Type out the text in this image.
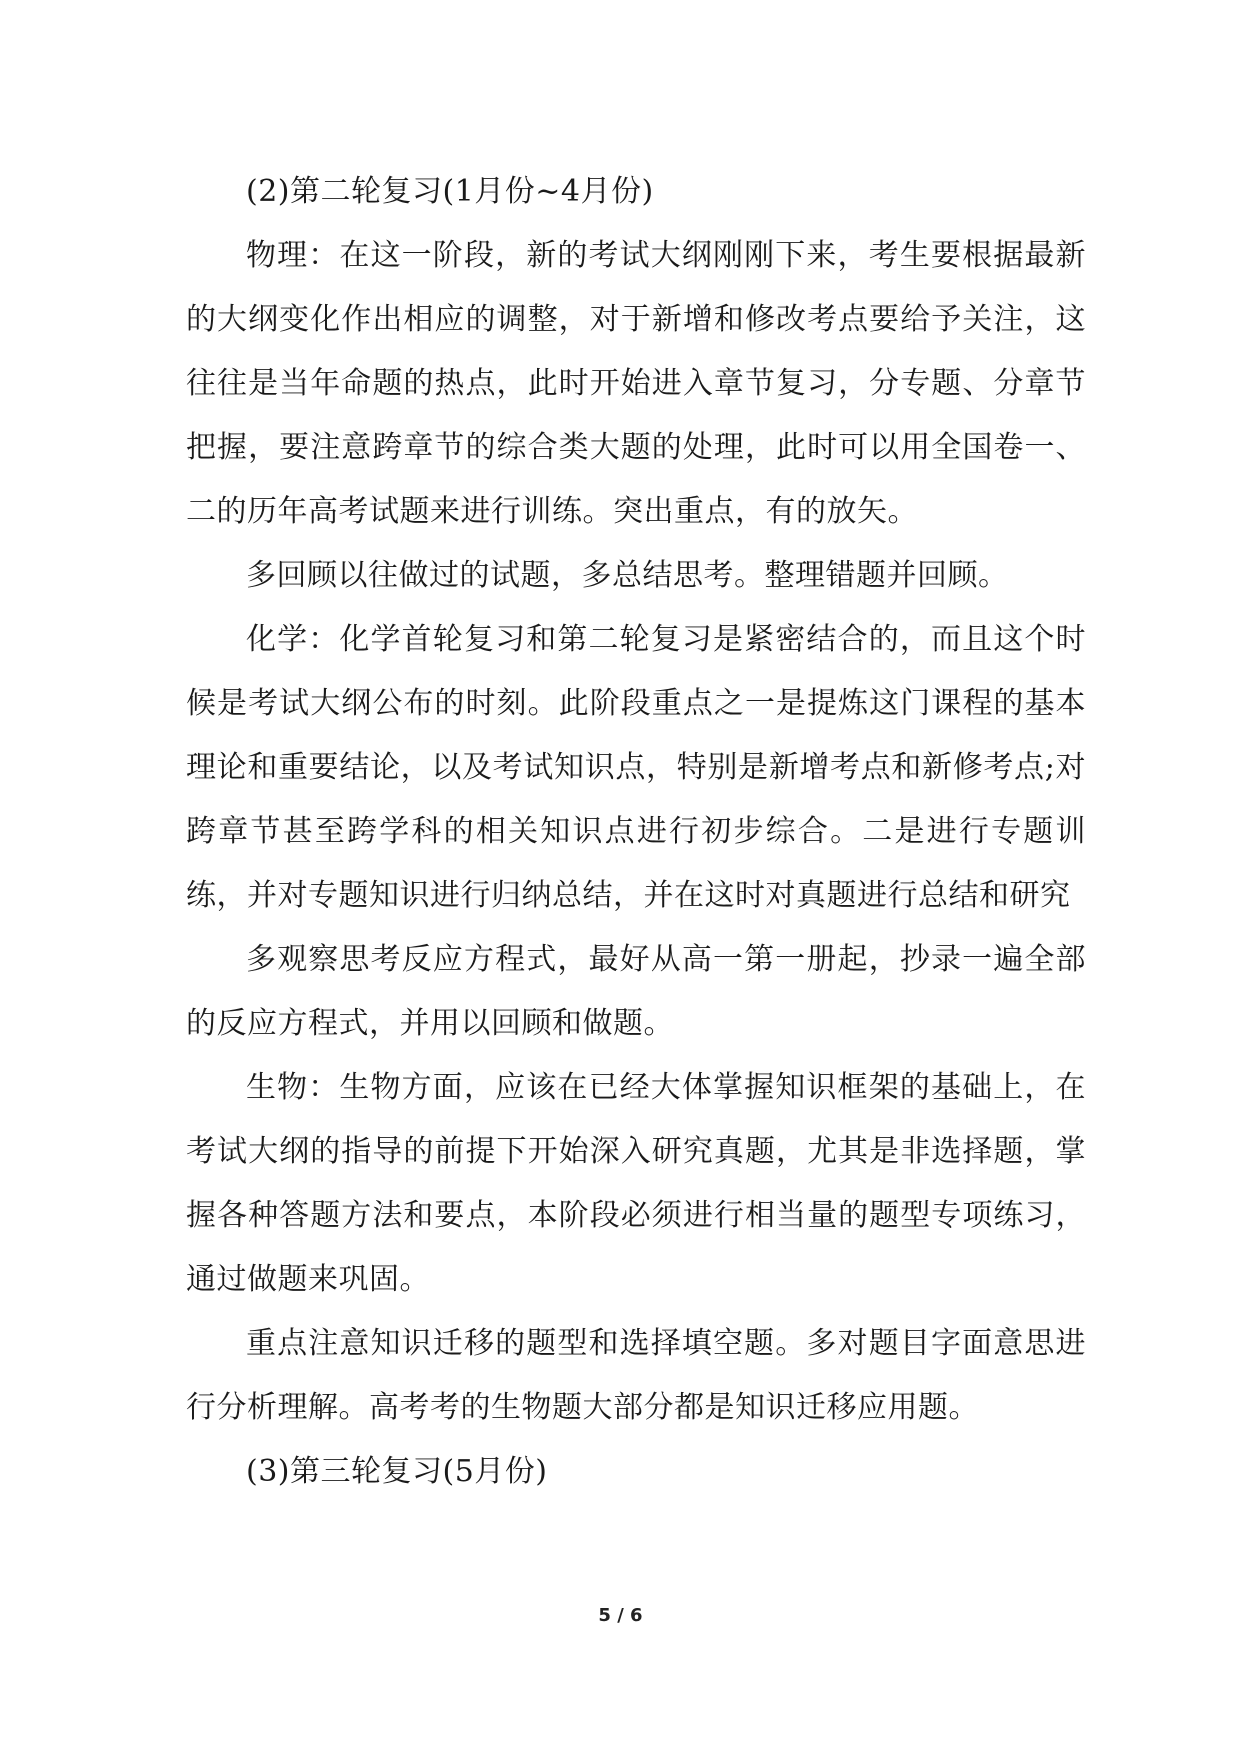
(2)第二轮复习(1月份~4月份)

物理：在这一阶段，新的考试大纲刚刚下来，考生要根据最新的大纲变化作出相应的调整，对于新增和修改考点要给予关注，这往往是当年命题的热点，此时开始进入章节复习，分专题、分章节把握，要注意跨章节的综合类大题的处理，此时可以用全国卷一、二的历年高考试题来进行训练。突出重点，有的放矢。

多回顾以往做过的试题，多总结思考。整理错题并回顾。

化学：化学首轮复习和第二轮复习是紧密结合的，而且这个时候是考试大纲公布的时刻。此阶段重点之一是提炼这门课程的基本理论和重要结论，以及考试知识点，特别是新增考点和新修考点;对跨章节甚至跨学科的相关知识点进行初步综合。二是进行专题训练，并对专题知识进行归纳总结，并在这时对真题进行总结和研究

多观察思考反应方程式，最好从高一第一册起，抄录一遍全部的反应方程式，并用以回顾和做题。

生物：生物方面，应该在已经大体掌握知识框架的基础上，在考试大纲的指导的前提下开始深入研究真题，尤其是非选择题，掌握各种答题方法和要点，本阶段必须进行相当量的题型专项练习，通过做题来巩固。

重点注意知识迁移的题型和选择填空题。多对题目字面意思进行分析理解。高考考的生物题大部分都是知识迁移应用题。

(3)第三轮复习(5月份)

5 / 6
